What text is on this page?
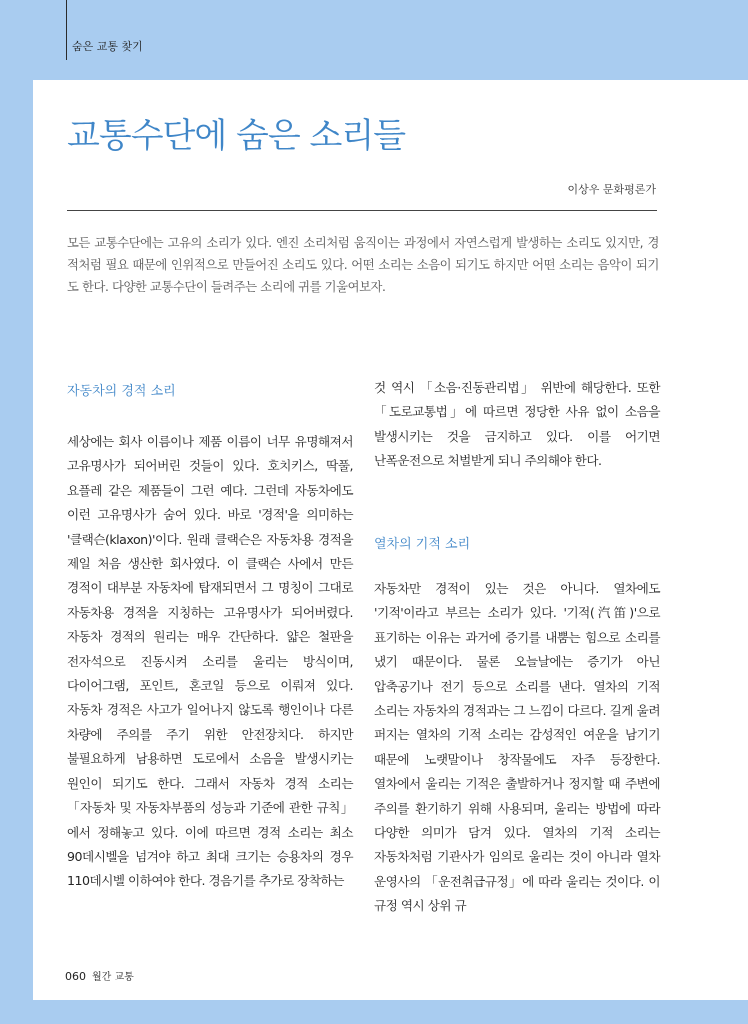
숨은 교통 찾기
교통수단에 숨은 소리들
이상우 문화평론가

모든 교통수단에는 고유의 소리가 있다. 엔진 소리처럼 움직이는 과정에서 자연스럽게 발생하는 소리도 있지만, 경적처럼 필요 때문에 인위적으로 만들어진 소리도 있다. 어떤 소리는 소음이 되기도 하지만 어떤 소리는 음악이 되기도 한다. 다양한 교통수단이 들려주는 소리에 귀를 기울여보자.

자동차의 경적 소리

세상에는 회사 이름이나 제품 이름이 너무 유명해져서 고유명사가 되어버린 것들이 있다. 호치키스, 딱풀, 요플레 같은 제품들이 그런 예다. 그런데 자동차에도 이런 고유명사가 숨어 있다. 바로 '경적'을 의미하는 '클랙슨(klaxon)'이다. 원래 클랙슨은 자동차용 경적을 제일 처음 생산한 회사였다. 이 클랙슨 사에서 만든 경적이 대부분 자동차에 탑재되면서 그 명칭이 그대로 자동차용 경적을 지칭하는 고유명사가 되어버렸다. 자동차 경적의 원리는 매우 간단하다. 얇은 철판을 전자석으로 진동시켜 소리를 울리는 방식이며, 다이어그램, 포인트, 혼코일 등으로 이뤄져 있다. 자동차 경적은 사고가 일어나지 않도록 행인이나 다른 차량에 주의를 주기 위한 안전장치다. 하지만 불필요하게 남용하면 도로에서 소음을 발생시키는 원인이 되기도 한다. 그래서 자동차 경적 소리는 「자동차 및 자동차부품의 성능과 기준에 관한 규칙」에서 정해놓고 있다. 이에 따르면 경적 소리는 최소 90데시벨을 넘겨야 하고 최대 크기는 승용차의 경우 110데시벨 이하여야 한다. 경음기를 추가로 장착하는

것 역시 「소음·진동관리법」 위반에 해당한다. 또한 「도로교통법」에 따르면 정당한 사유 없이 소음을 발생시키는 것을 금지하고 있다. 이를 어기면 난폭운전으로 처벌받게 되니 주의해야 한다.

열차의 기적 소리

자동차만 경적이 있는 것은 아니다. 열차에도 '기적'이라고 부르는 소리가 있다. '기적(汽笛)'으로 표기하는 이유는 과거에 증기를 내뿜는 힘으로 소리를 냈기 때문이다. 물론 오늘날에는 증기가 아닌 압축공기나 전기 등으로 소리를 낸다. 열차의 기적 소리는 자동차의 경적과는 그 느낌이 다르다. 길게 울려 퍼지는 열차의 기적 소리는 감성적인 여운을 남기기 때문에 노랫말이나 창작물에도 자주 등장한다. 열차에서 울리는 기적은 출발하거나 정지할 때 주변에 주의를 환기하기 위해 사용되며, 울리는 방법에 따라 다양한 의미가 담겨 있다. 열차의 기적 소리는 자동차처럼 기관사가 임의로 울리는 것이 아니라 열차 운영사의 「운전취급규정」에 따라 울리는 것이다. 이 규정 역시 상위 규

060 월간 교통
